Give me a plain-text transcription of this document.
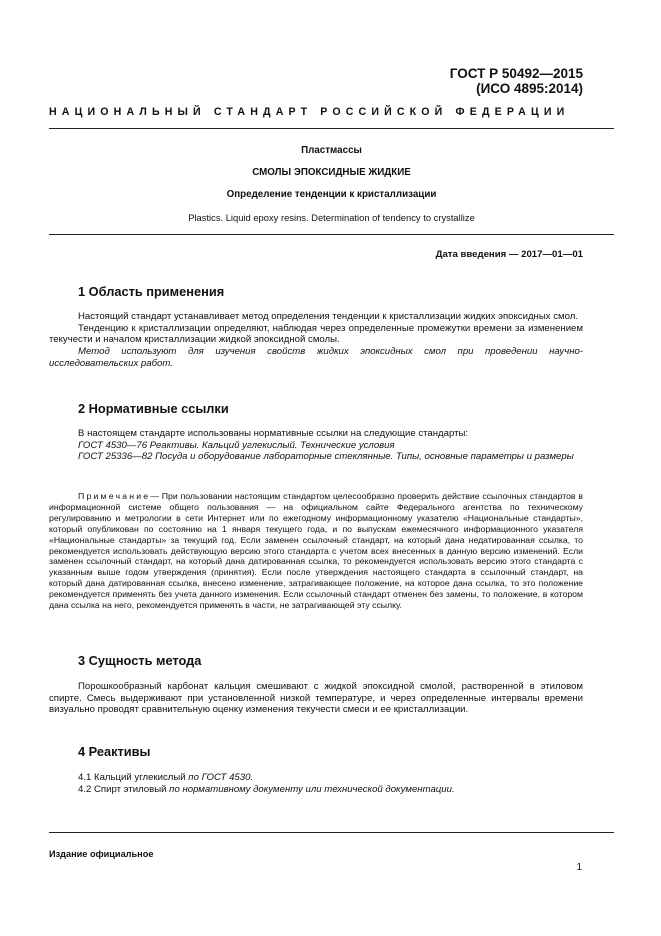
ГОСТ Р 50492—2015
(ИСО 4895:2014)
НАЦИОНАЛЬНЫЙ СТАНДАРТ РОССИЙСКОЙ ФЕДЕРАЦИИ
Пластмассы
СМОЛЫ ЭПОКСИДНЫЕ ЖИДКИЕ
Определение тенденции к кристаллизации
Plastics. Liquid epoxy resins. Determination of tendency to crystallize
Дата введения — 2017—01—01
1 Область применения

Настоящий стандарт устанавливает метод определения тенденции к кристаллизации жидких эпоксидных смол.

Тенденцию к кристаллизации определяют, наблюдая через определенные промежутки времени за изменением текучести и началом кристаллизации жидкой эпоксидной смолы.

Метод используют для изучения свойств жидких эпоксидных смол при проведении научно-исследовательских работ.

2 Нормативные ссылки

В настоящем стандарте использованы нормативные ссылки на следующие стандарты:

ГОСТ 4530—76 Реактивы. Кальций углекислый. Технические условия

ГОСТ 25336—82 Посуда и оборудование лабораторные стеклянные. Типы, основные параметры и размеры

Примечание— При пользовании настоящим стандартом целесообразно проверить действие ссылочных стандартов в информационной системе общего пользования — на официальном сайте Федерального агентства по техническому регулированию и метрологии в сети Интернет или по ежегодному информационному указателю «Национальные стандарты», который опубликован по состоянию на 1 января текущего года, и по выпускам ежемесячного информационного указателя «Национальные стандарты» за текущий год. Если заменен ссылочный стандарт, на который дана недатированная ссылка, то рекомендуется использовать действующую версию этого стандарта с учетом всех внесенных в данную версию изменений. Если заменен ссылочный стандарт, на который дана датированная ссылка, то рекомендуется использовать версию этого стандарта с указанным выше годом утверждения (принятия). Если после утверждения настоящего стандарта в ссылочный стандарт, на который дана датированная ссылка, внесено изменение, затрагивающее положение, на которое дана ссылка, то это положение рекомендуется применять без учета данного изменения. Если ссылочный стандарт отменен без замены, то положение, в котором дана ссылка на него, рекомендуется применять в части, не затрагивающей эту ссылку.

3 Сущность метода

Порошкообразный карбонат кальция смешивают с жидкой эпоксидной смолой, растворенной в этиловом спирте. Смесь выдерживают при установленной низкой температуре, и через определенные интервалы времени визуально проводят сравнительную оценку изменения текучести смеси и ее кристаллизации.

4 Реактивы

4.1 Кальций углекислый по ГОСТ 4530.

4.2 Спирт этиловый по нормативному документу или технической документации.

Издание официальное
1
